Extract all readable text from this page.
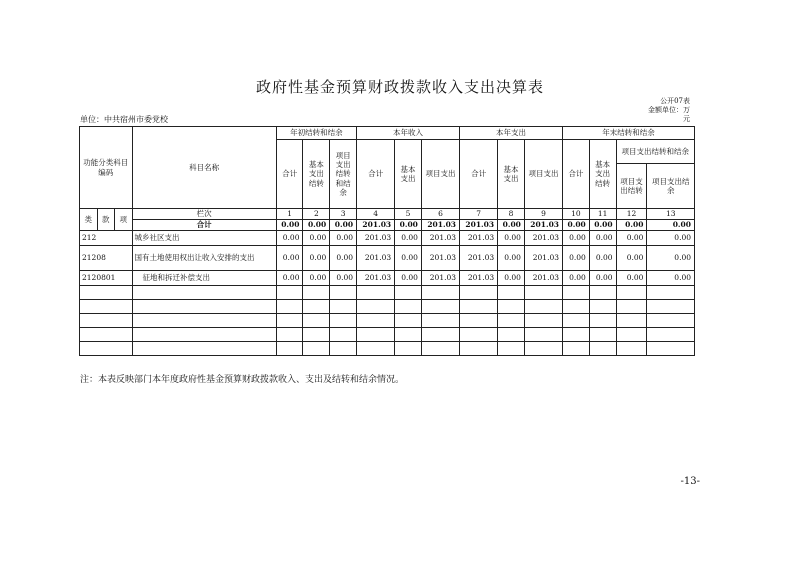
政府性基金预算财政拨款收入支出决算表
公开07表
金额单位：万
元
单位：中共宿州市委党校
功能分类科目编码			科目名称	年初结转和结余			本年收入			本年支出			年末结转和结余			
				合计	基本支出结转	项目支出结转和结余	合计	基本支出	项目支出	合计	基本支出	项目支出	合计	基本支出结转	项目支出结转和结余	
															项目支出结转	项目支出结余
类	款	项	栏次	1	2	3	4	5	6	7	8	9	10	11	12	13
			合计	0.00	0.00	0.00	201.03	0.00	201.03	201.03	0.00	201.03	0.00	0.00	0.00	0.00
212			城乡社区支出	0.00	0.00	0.00	201.03	0.00	201.03	201.03	0.00	201.03	0.00	0.00	0.00	0.00
21208			国有土地使用权出让收入安排的支出	0.00	0.00	0.00	201.03	0.00	201.03	201.03	0.00	201.03	0.00	0.00	0.00	0.00
2120801			征地和拆迁补偿支出	0.00	0.00	0.00	201.03	0.00	201.03	201.03	0.00	201.03	0.00	0.00	0.00	0.00

注：本表反映部门本年度政府性基金预算财政拨款收入、支出及结转和结余情况。
-13-
